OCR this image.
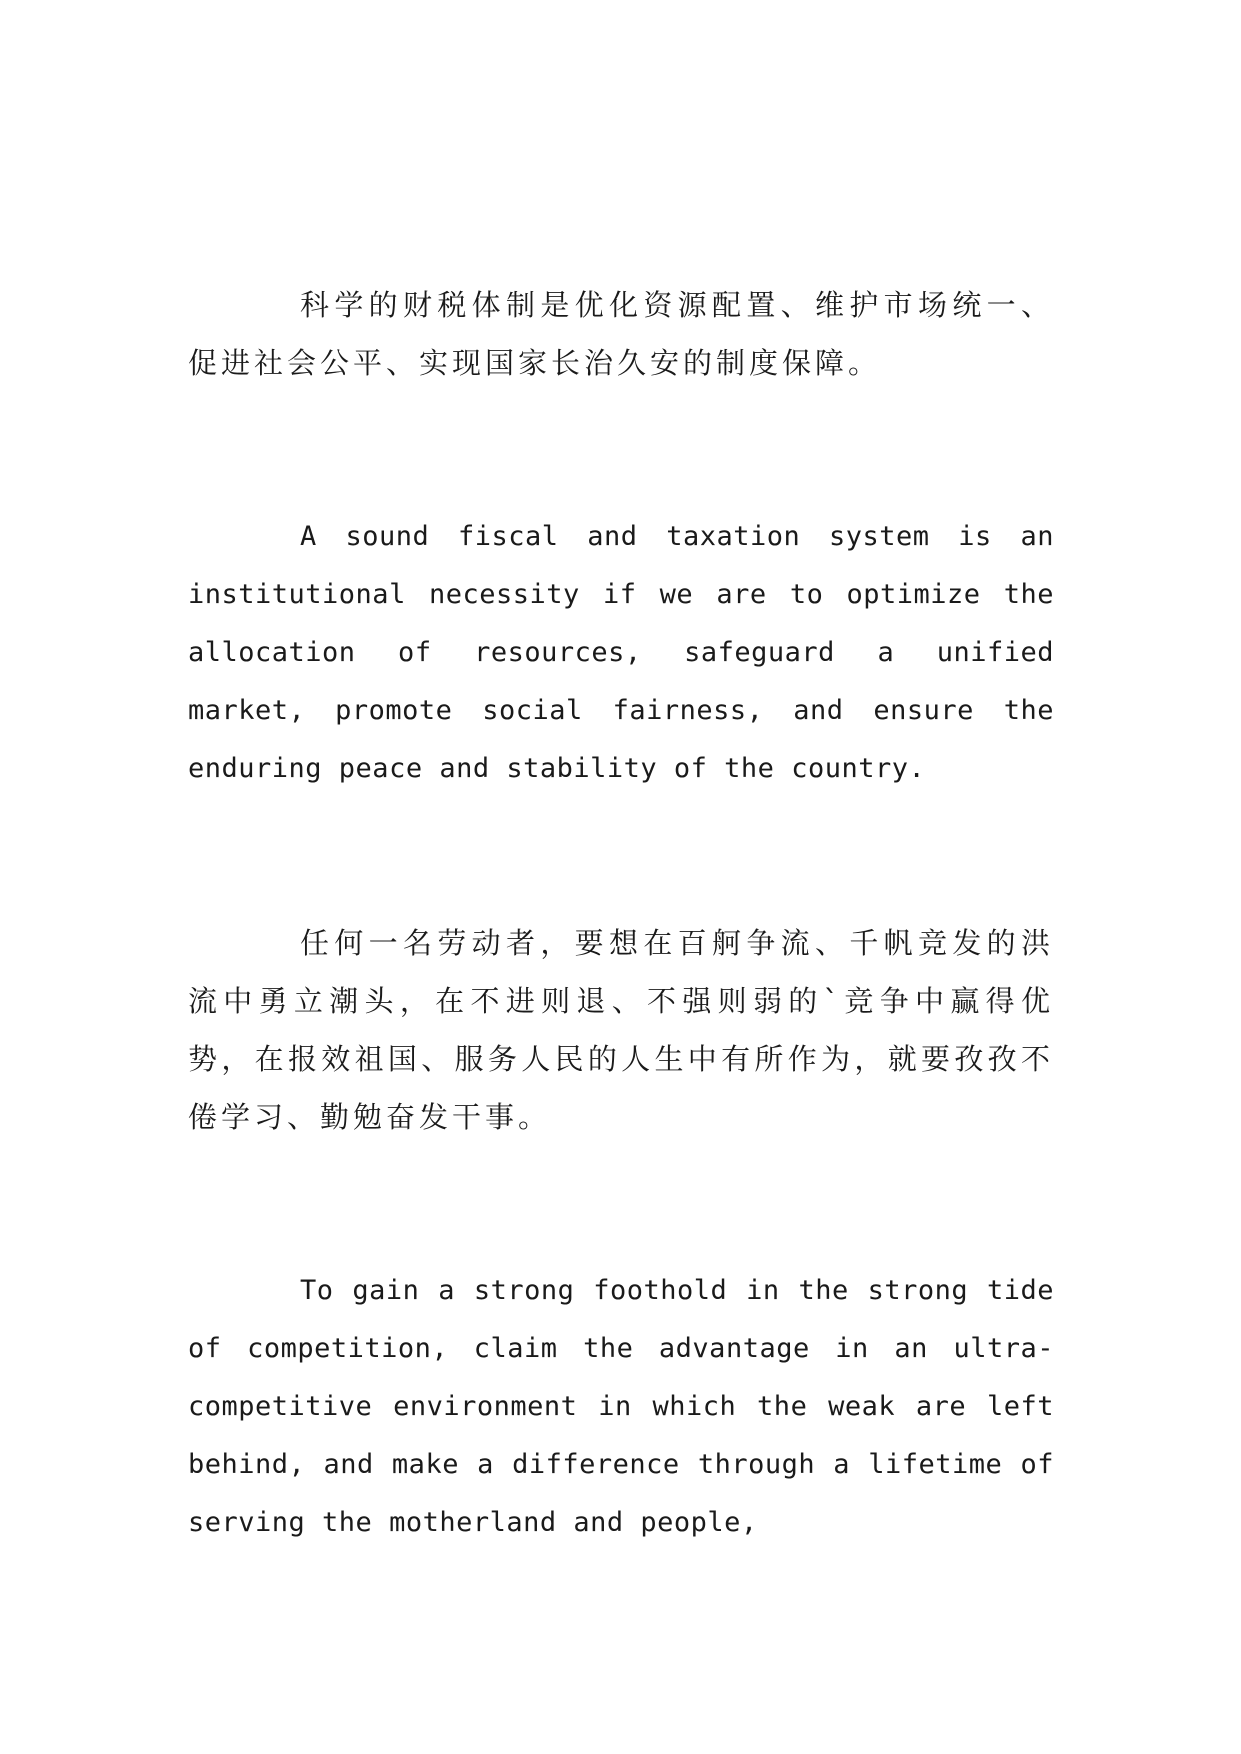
科学的财税体制是优化资源配置、维护市场统一、促进社会公平、实现国家长治久安的制度保障。

A sound fiscal and taxation system is an institutional necessity if we are to optimize the allocation of resources, safeguard a unified market, promote social fairness, and ensure the enduring peace and stability of the country.

任何一名劳动者，要想在百舸争流、千帆竞发的洪流中勇立潮头，在不进则退、不强则弱的`竞争中赢得优势，在报效祖国、服务人民的人生中有所作为，就要孜孜不倦学习、勤勉奋发干事。

To gain a strong foothold in the strong tide of competition, claim the advantage in an ultra-competitive environment in which the weak are left behind, and make a difference through a lifetime of serving the motherland and people,
